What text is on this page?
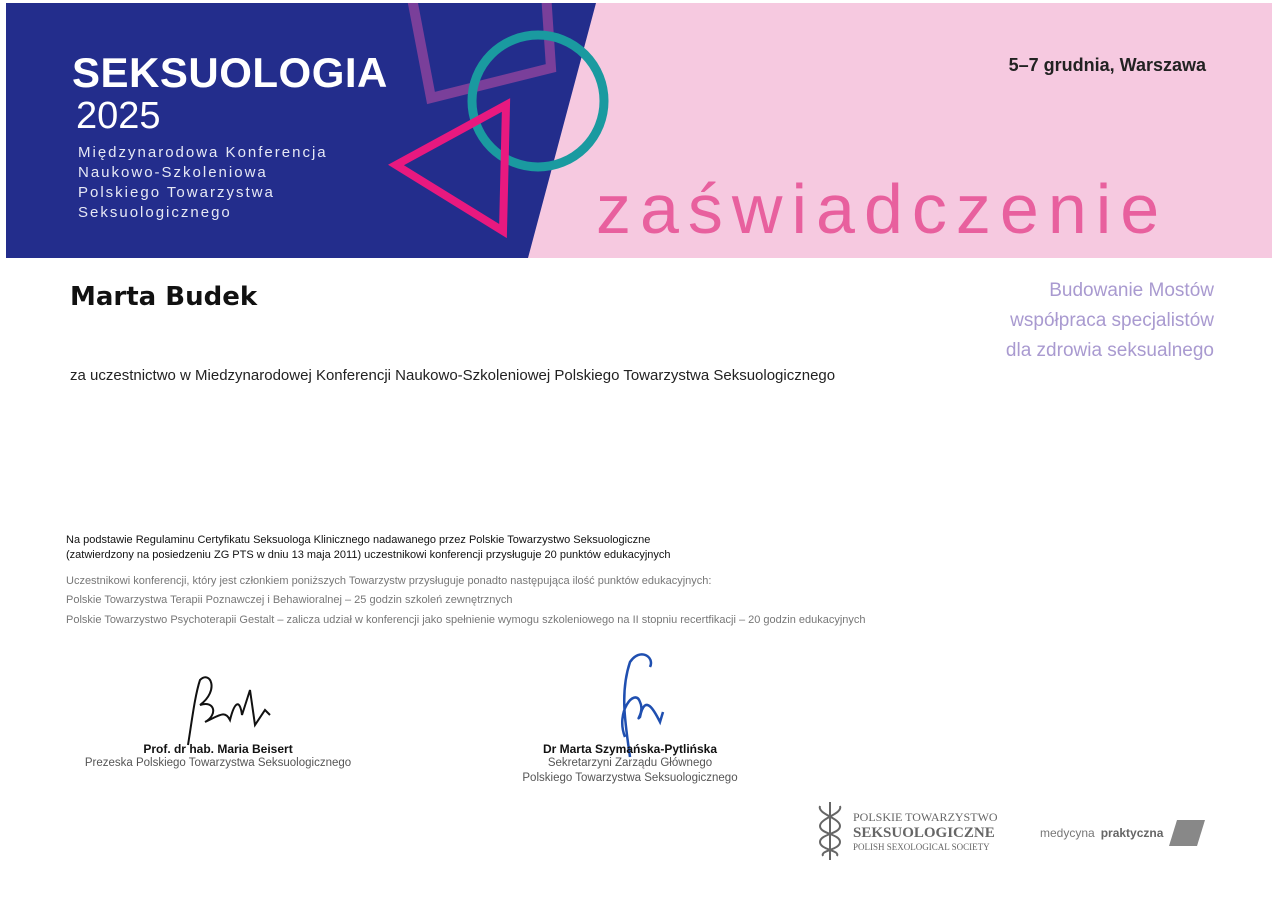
SEKSUOLOGIA
2025
Międzynarodowa Konferencja
Naukowo-Szkoleniowa
Polskiego Towarzystwa
Seksuologicznego
5–7 grudnia, Warszawa
zaświadczenie
Marta Budek	Budowanie Mostów
współpraca specjalistów
dla zdrowia seksualnego
za uczestnictwo w Miedzynarodowej Konferencji Naukowo-Szkoleniowej Polskiego Towarzystwa Seksuologicznego
Na podstawie Regulaminu Certyfikatu Seksuologa Klinicznego nadawanego przez Polskie Towarzystwo Seksuologiczne
(zatwierdzony na posiedzeniu ZG PTS w dniu 13 maja 2011) uczestnikowi konferencji przysługuje 20 punktów edukacyjnych
Uczestnikowi konferencji, który jest członkiem poniższych Towarzystw przysługuje ponadto następująca ilość punktów edukacyjnych:
Polskie Towarzystwa Terapii Poznawczej i Behawioralnej – 25 godzin szkoleń zewnętrznych
Polskie Towarzystwo Psychoterapii Gestalt – zalicza udział w konferencji jako spełnienie wymogu szkoleniowego na II stopniu recertfikacji – 20 godzin edukacyjnych
Prof. dr hab. Maria Beisert
Prezeska Polskiego Towarzystwa Seksuologicznego
Dr Marta Szymańska-Pytlińska
Sekretarzyni Zarządu Głównego
Polskiego Towarzystwa Seksuologicznego
POLSKIE TOWARZYSTWO
SEKSUOLOGICZNE
POLISH SEXOLOGICAL SOCIETY
medycyna praktyczna
